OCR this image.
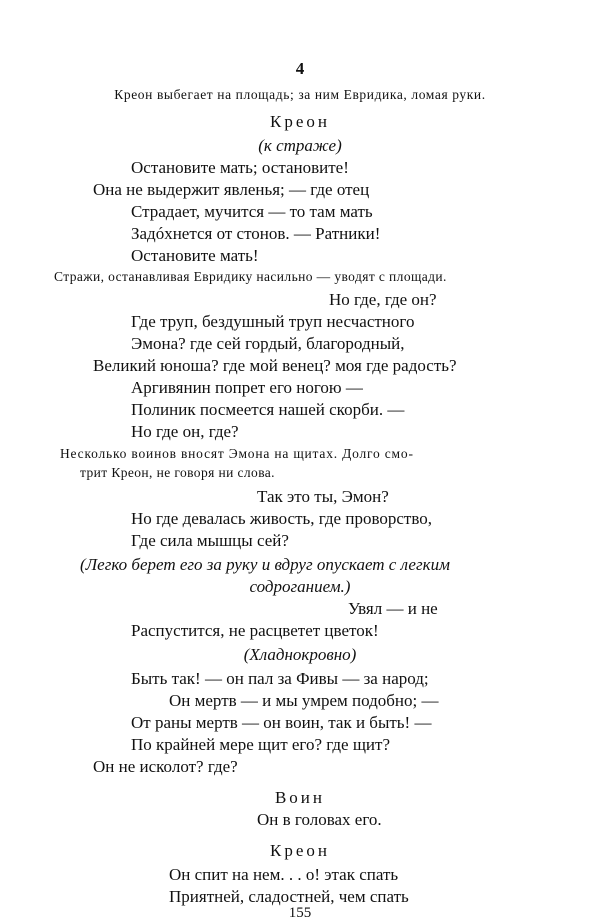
4
Креон выбегает на площадь; за ним Евридика, ломая руки.
Креон
(к страже)
Остановите мать; остановите!
Она не выдержит явленья; — где отец
Страдает, мучится — то там мать
Задóхнется от стонов. — Ратники!
Остановите мать!
Стражи, останавливая Евридику насильно — уводят с площади.
Но где, где он?
Где труп, бездушный труп несчастного
Эмона? где сей гордый, благородный,
Великий юноша? где мой венец? моя где радость?
Аргивянин попрет его ногою —
Полиник посмеется нашей скорби. —
Но где он, где?
Несколько воинов вносят Эмона на щитах. Долго смо-
трит Креон, не говоря ни слова.
Так это ты, Эмон?
Но где девалась живость, где проворство,
Где сила мышцы сей?
(Легко берет его за руку и вдруг опускает с легким
содроганием.)
Увял — и не
Распустится, не расцветет цветок!
(Хладнокровно)
Быть так! — он пал за Фивы — за народ;
Он мертв — и мы умрем подобно; —
От раны мертв — он воин, так и быть! —
По крайней мере щит его? где щит?
Он не исколот? где?
Воин
Он в головах его.
Креон
Он спит на нем. . . о! этак спать
Приятней, сладостней, чем спать
155
